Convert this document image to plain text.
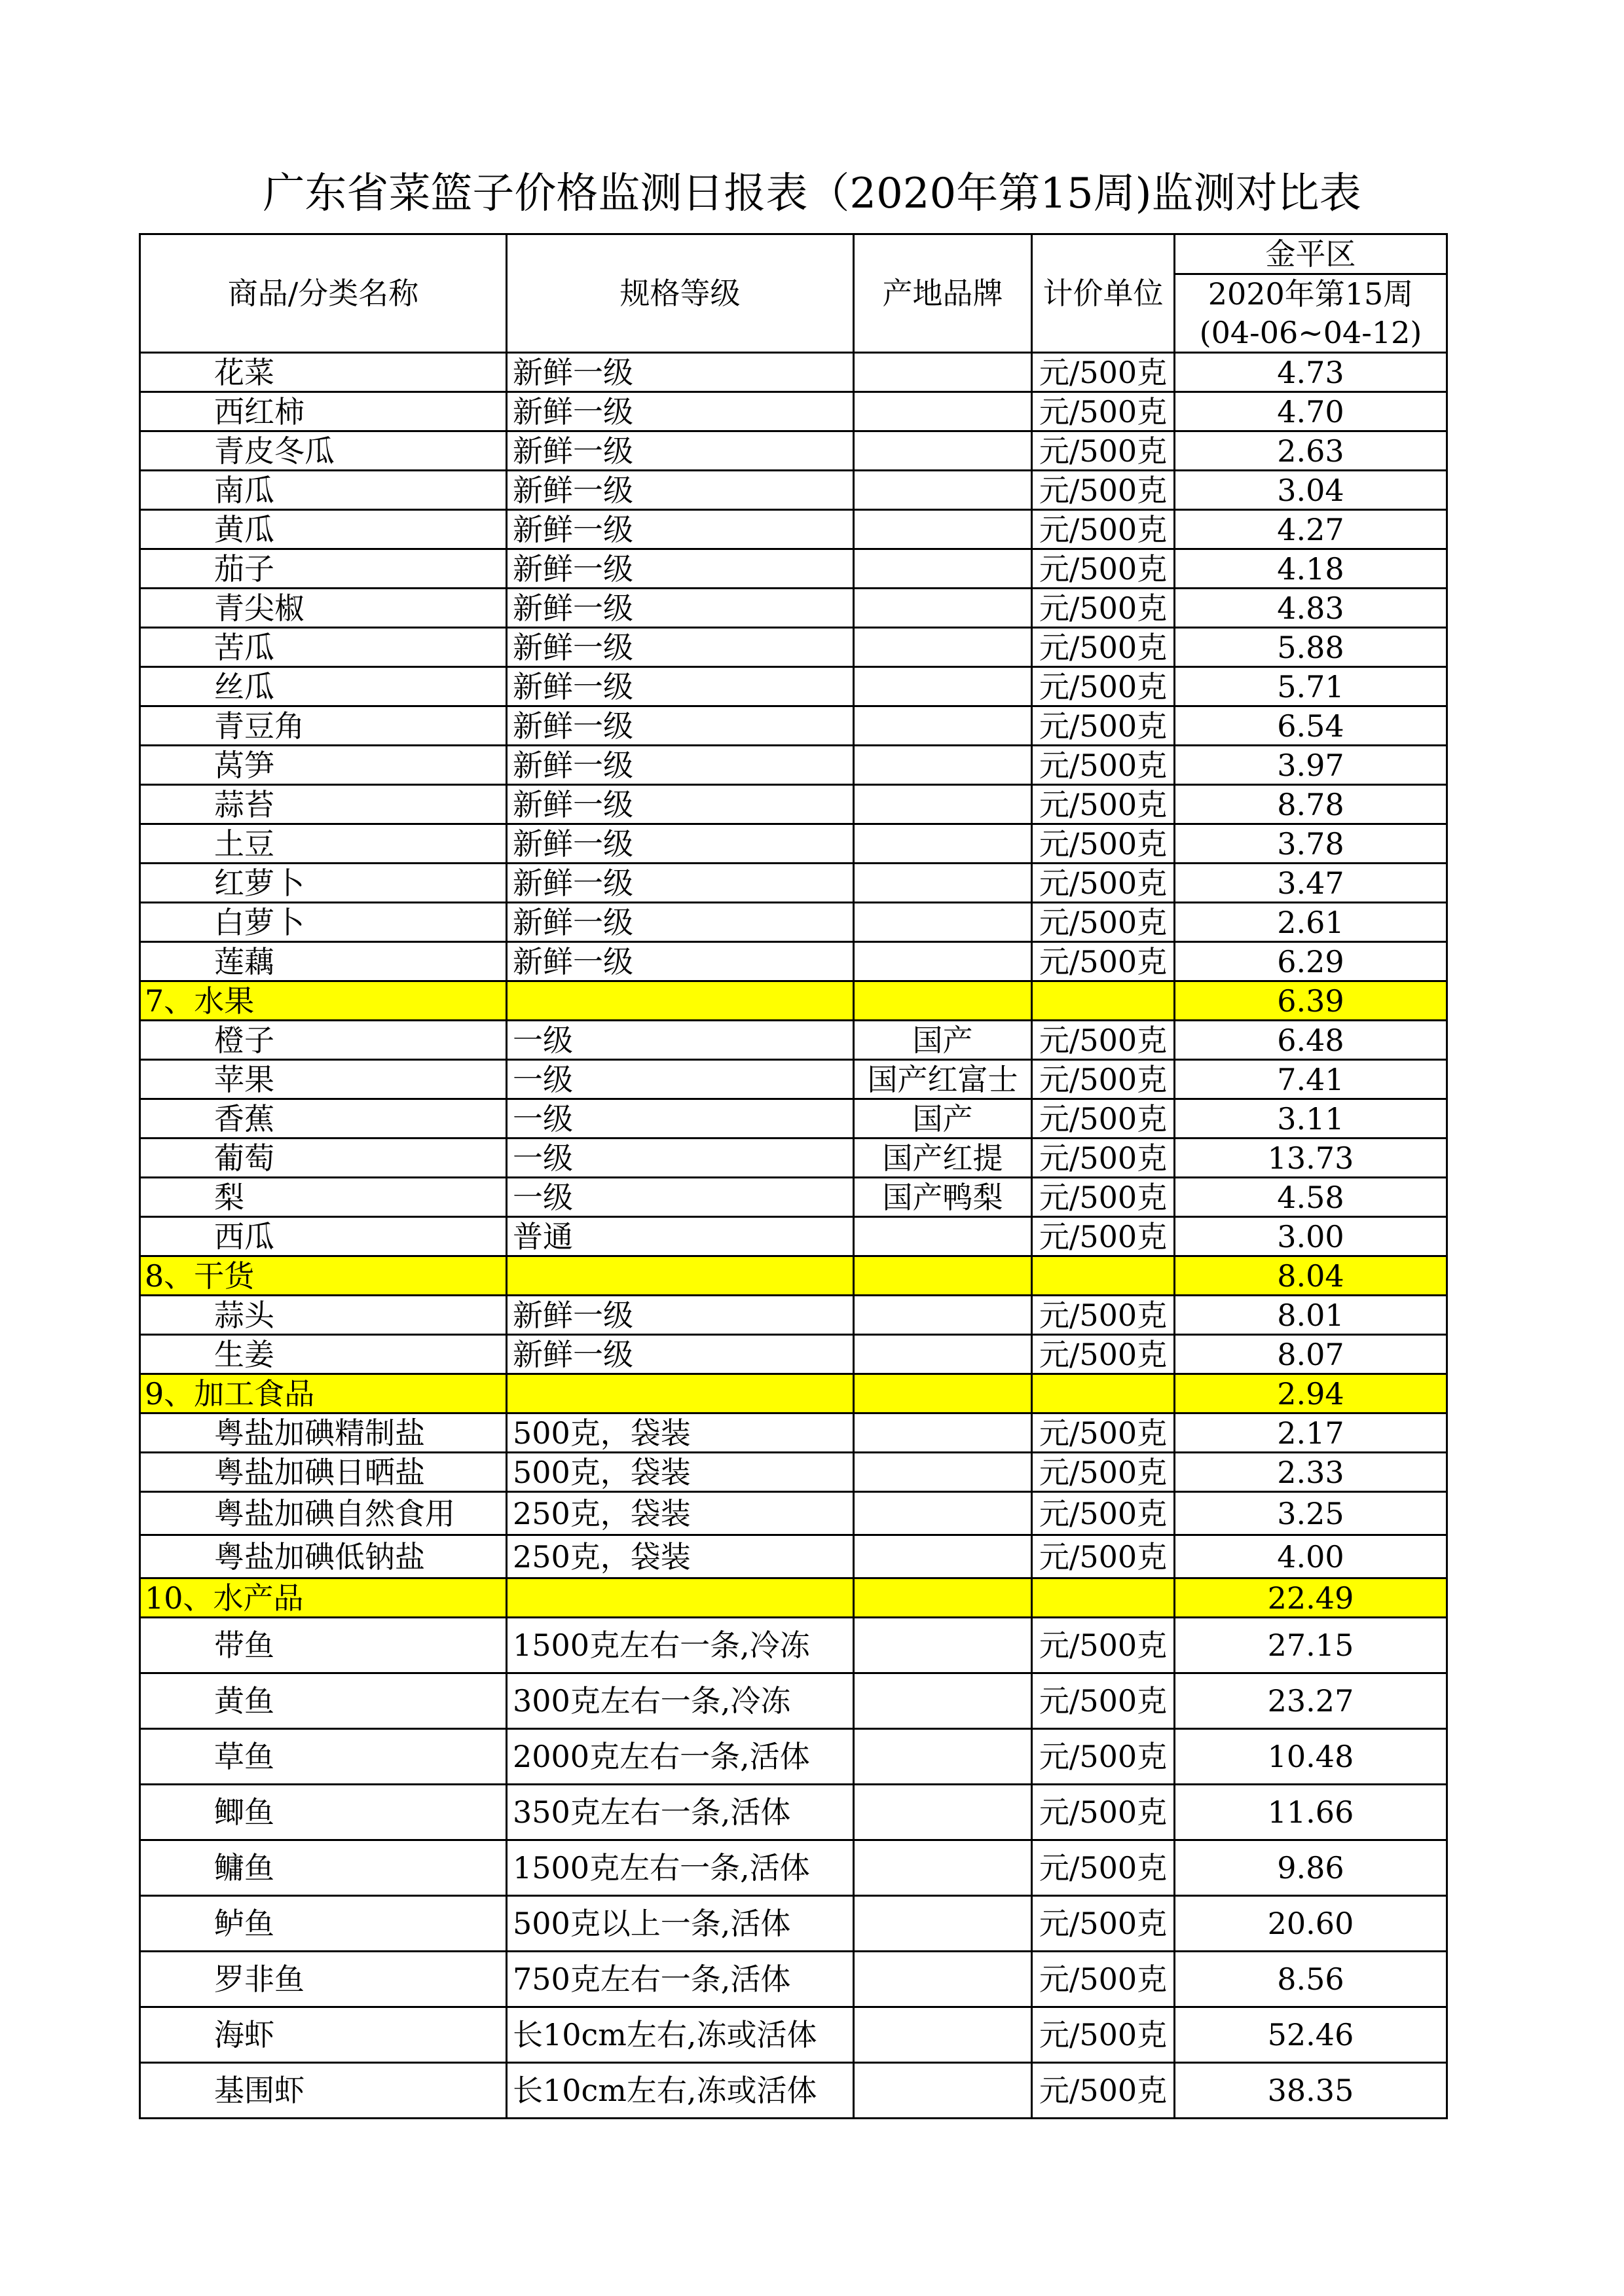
广东省菜篮子价格监测日报表（2020年第15周)监测对比表
商品/分类名称	规格等级	产地品牌	计价单位	金平区
				2020年第15周
				(04-06~04-12)
花菜	新鲜一级		元/500克	4.73
西红柿	新鲜一级		元/500克	4.70
青皮冬瓜	新鲜一级		元/500克	2.63
南瓜	新鲜一级		元/500克	3.04
黄瓜	新鲜一级		元/500克	4.27
茄子	新鲜一级		元/500克	4.18
青尖椒	新鲜一级		元/500克	4.83
苦瓜	新鲜一级		元/500克	5.88
丝瓜	新鲜一级		元/500克	5.71
青豆角	新鲜一级		元/500克	6.54
莴笋	新鲜一级		元/500克	3.97
蒜苔	新鲜一级		元/500克	8.78
土豆	新鲜一级		元/500克	3.78
红萝卜	新鲜一级		元/500克	3.47
白萝卜	新鲜一级		元/500克	2.61
莲藕	新鲜一级		元/500克	6.29
7、水果				6.39
橙子	一级	国产	元/500克	6.48
苹果	一级	国产红富士	元/500克	7.41
香蕉	一级	国产	元/500克	3.11
葡萄	一级	国产红提	元/500克	13.73
梨	一级	国产鸭梨	元/500克	4.58
西瓜	普通		元/500克	3.00
8、干货				8.04
蒜头	新鲜一级		元/500克	8.01
生姜	新鲜一级		元/500克	8.07
9、加工食品				2.94
粤盐加碘精制盐	500克，袋装		元/500克	2.17
粤盐加碘日晒盐	500克，袋装		元/500克	2.33
粤盐加碘自然食用	250克，袋装		元/500克	3.25
粤盐加碘低钠盐	250克，袋装		元/500克	4.00
10、水产品				22.49
带鱼	1500克左右一条,冷冻		元/500克	27.15
黄鱼	300克左右一条,冷冻		元/500克	23.27
草鱼	2000克左右一条,活体		元/500克	10.48
鲫鱼	350克左右一条,活体		元/500克	11.66
鳙鱼	1500克左右一条,活体		元/500克	9.86
鲈鱼	500克以上一条,活体		元/500克	20.60
罗非鱼	750克左右一条,活体		元/500克	8.56
海虾	长10cm左右,冻或活体		元/500克	52.46
基围虾	长10cm左右,冻或活体		元/500克	38.35
